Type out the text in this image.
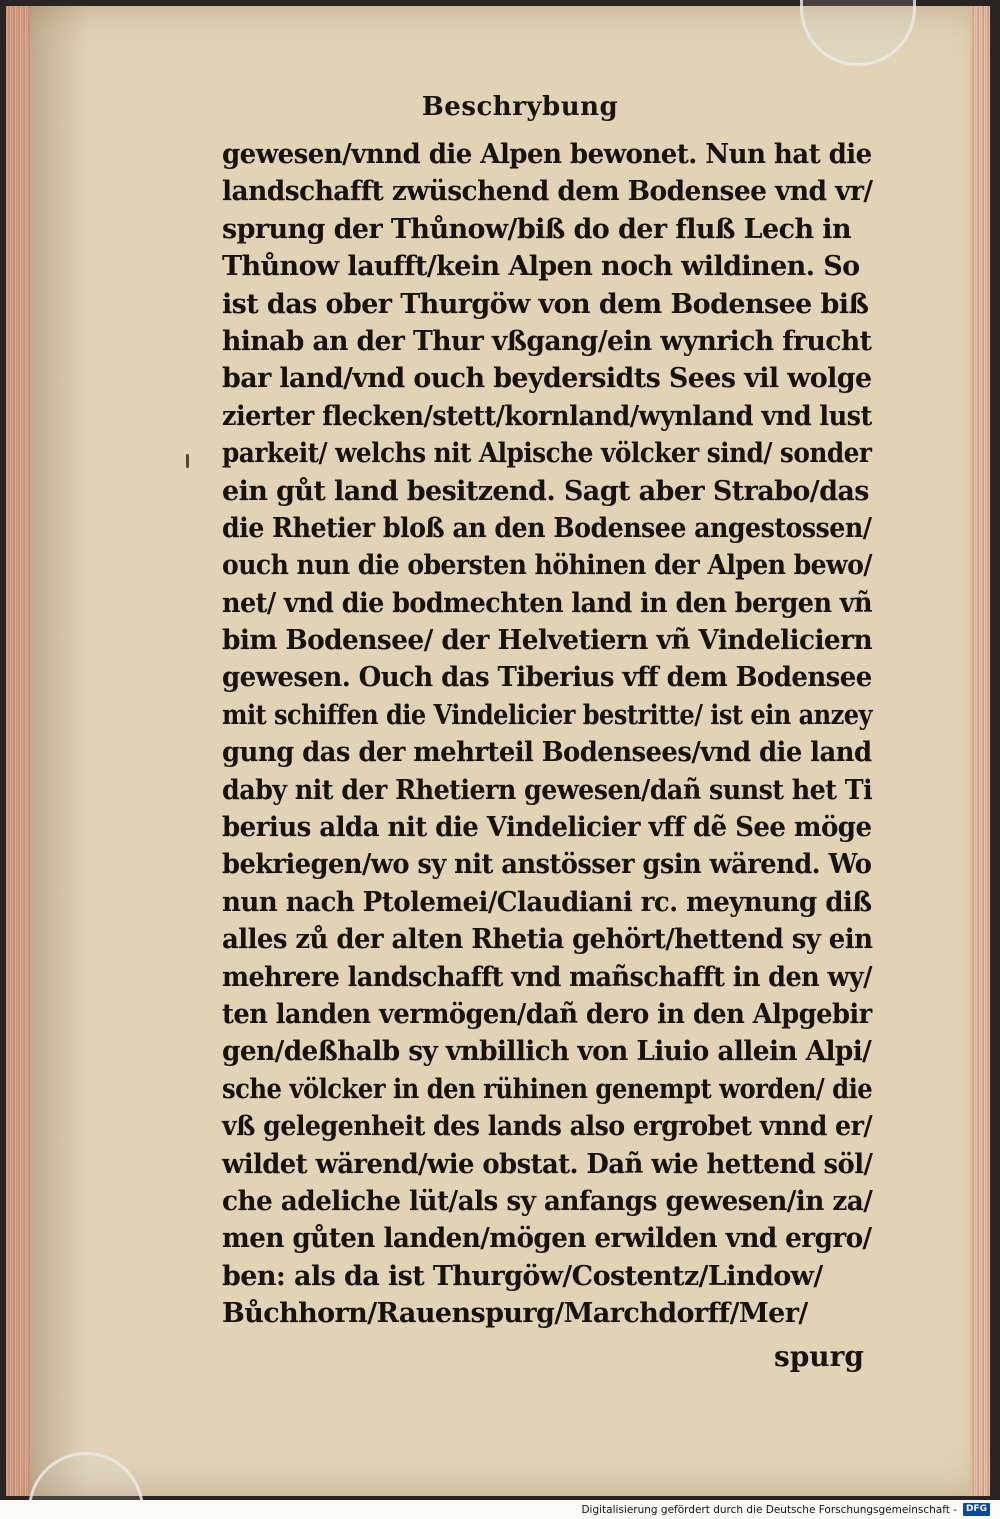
Beschrybung
gewesen/vnnd die Alpen bewonet. Nun hat die
landschafft zwüschend dem Bodensee vnd vr/
sprung der Thůnow/biß do der fluß Lech in
Thůnow laufft/kein Alpen noch wildinen. So
ist das ober Thurgöw von dem Bodensee biß
hinab an der Thur vßgang/ein wynrich frucht
bar land/vnd ouch beydersidts Sees vil wolge
zierter flecken/stett/kornland/wynland vnd lust
parkeit/ welchs nit Alpische völcker sind/ sonder
ein gůt land besitzend. Sagt aber Strabo/das
die Rhetier bloß an den Bodensee angestossen/
ouch nun die obersten höhinen der Alpen bewo/
net/ vnd die bodmechten land in den bergen vñ
bim Bodensee/ der Helvetiern vñ Vindeliciern
gewesen. Ouch das Tiberius vff dem Bodensee
mit schiffen die Vindelicier bestritte/ ist ein anzey
gung das der mehrteil Bodensees/vnd die land
daby nit der Rhetiern gewesen/dañ sunst het Ti
berius alda nit die Vindelicier vff dẽ See möge
bekriegen/wo sy nit anstösser gsin wärend. Wo
nun nach Ptolemei/Claudiani rc. meynung diß
alles zů der alten Rhetia gehört/hettend sy ein
mehrere landschafft vnd mañschafft in den wy/
ten landen vermögen/dañ dero in den Alpgebir
gen/deßhalb sy vnbillich von Liuio allein Alpi/
sche völcker in den rühinen genempt worden/ die
vß gelegenheit des lands also ergrobet vnnd er/
wildet wärend/wie obstat. Dañ wie hettend söl/
che adeliche lüt/als sy anfangs gewesen/in za/
men gůten landen/mögen erwilden vnd ergro/
ben: als da ist Thurgöw/Costentz/Lindow/
Bůchhorn/Rauenspurg/Marchdorff/Mer/
spurg
Digitalisierung gefördert durch die Deutsche Forschungsgemeinschaft -	DFG
